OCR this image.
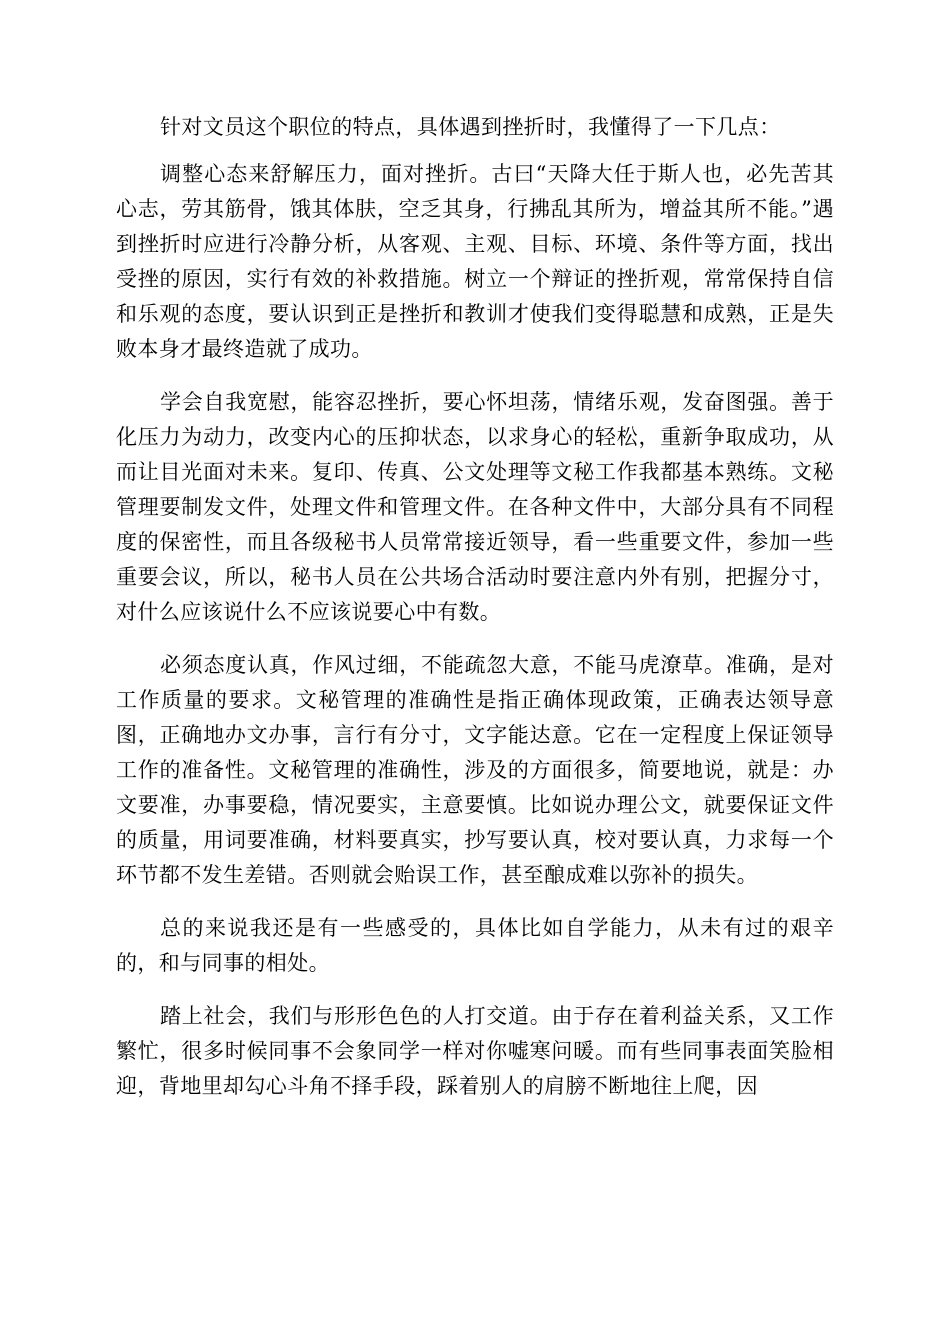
针对文员这个职位的特点，具体遇到挫折时，我懂得了一下几点：

调整心态来舒解压力，面对挫折。古曰“天降大任于斯人也，必先苦其心志，劳其筋骨，饿其体肤，空乏其身，行拂乱其所为，增益其所不能。”遇到挫折时应进行冷静分析，从客观、主观、目标、环境、条件等方面，找出受挫的原因，实行有效的补救措施。树立一个辩证的挫折观，常常保持自信和乐观的态度，要认识到正是挫折和教训才使我们变得聪慧和成熟，正是失败本身才最终造就了成功。

学会自我宽慰，能容忍挫折，要心怀坦荡，情绪乐观，发奋图强。善于化压力为动力，改变内心的压抑状态，以求身心的轻松，重新争取成功，从而让目光面对未来。复印、传真、公文处理等文秘工作我都基本熟练。文秘管理要制发文件，处理文件和管理文件。在各种文件中，大部分具有不同程度的保密性，而且各级秘书人员常常接近领导，看一些重要文件，参加一些重要会议，所以，秘书人员在公共场合活动时要注意内外有别，把握分寸，对什么应该说什么不应该说要心中有数。

必须态度认真，作风过细，不能疏忽大意，不能马虎潦草。准确，是对工作质量的要求。文秘管理的准确性是指正确体现政策，正确表达领导意图，正确地办文办事，言行有分寸，文字能达意。它在一定程度上保证领导工作的准备性。文秘管理的准确性，涉及的方面很多，简要地说，就是：办文要准，办事要稳，情况要实，主意要慎。比如说办理公文，就要保证文件的质量，用词要准确，材料要真实，抄写要认真，校对要认真，力求每一个环节都不发生差错。否则就会贻误工作，甚至酿成难以弥补的损失。

总的来说我还是有一些感受的，具体比如自学能力，从未有过的艰辛的，和与同事的相处。

踏上社会，我们与形形色色的人打交道。由于存在着利益关系，又工作繁忙，很多时候同事不会象同学一样对你嘘寒问暖。而有些同事表面笑脸相迎，背地里却勾心斗角不择手段，踩着别人的肩膀不断地往上爬，因
